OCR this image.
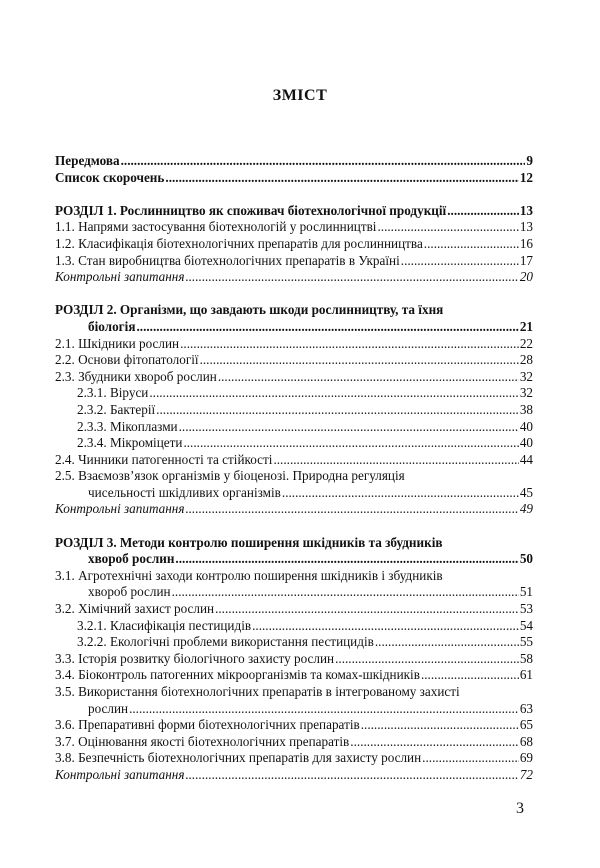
ЗМІСТ
Передмова .....	9
Список скорочень .....	12
РОЗДІЛ 1. Рослинництво як споживач біотехнологічної продукції .....	13
1.1. Напрями застосування біотехнологій у рослинництві .....	13
1.2. Класифікація біотехнологічних препаратів для рослинництва .....	16
1.3. Стан виробництва біотехнологічних препаратів в Україні .....	17
Контрольні запитання .....	20
РОЗДІЛ 2. Організми, що завдають шкоди рослинництву, та їхня
біологія .....	21
2.1. Шкідники рослин .....	22
2.2. Основи фітопатології .....	28
2.3. Збудники хвороб рослин .....	32
2.3.1. Віруси .....	32
2.3.2. Бактерії .....	38
2.3.3. Мікоплазми .....	40
2.3.4. Мікроміцети .....	40
2.4. Чинники патогенності та стійкості .....	44
2.5. Взаємозв’язок організмів у біоценозі. Природна регуляція
чисельності шкідливих організмів .....	45
Контрольні запитання .....	49
РОЗДІЛ 3. Методи контролю поширення шкідників та збудників
хвороб рослин .....	50
3.1. Агротехнічні заходи контролю поширення шкідників і збудників
хвороб рослин .....	51
3.2. Хімічний захист рослин .....	53
3.2.1. Класифікація пестицидів .....	54
3.2.2. Екологічні проблеми використання пестицидів .....	55
3.3. Історія розвитку біологічного захисту рослин .....	58
3.4. Біоконтроль патогенних мікроорганізмів та комах-шкідників .....	61
3.5. Використання біотехнологічних препаратів в інтегрованому захисті
рослин .....	63
3.6. Препаративні форми біотехнологічних препаратів .....	65
3.7. Оцінювання якості біотехнологічних препаратів .....	68
3.8. Безпечність біотехнологічних препаратів для захисту рослин .....	69
Контрольні запитання .....	72
3
